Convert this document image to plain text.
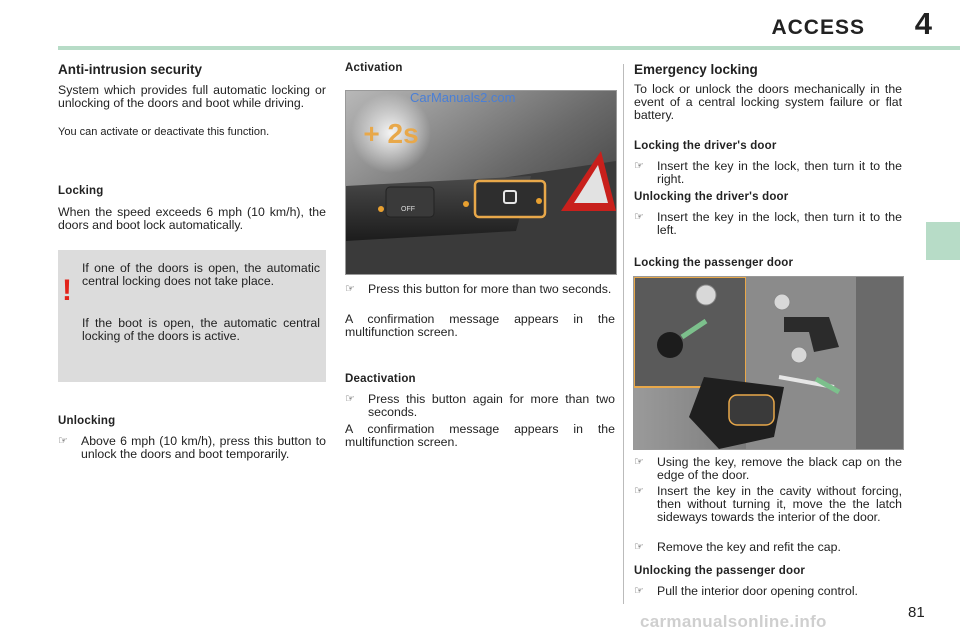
ACCESS 4
Anti-intrusion security

System which provides full automatic locking or unlocking of the doors and boot while driving.

You can activate or deactivate this function.

Locking

When the speed exceeds 6 mph (10 km/h), the doors and boot lock automatically.

!

If one of the doors is open, the automatic central locking does not take place.

If the boot is open, the automatic central locking of the doors is active.

Unlocking
☞	Above 6 mph (10 km/h), press this button to unlock the doors and boot temporarily.
Activation
OFF
+ 2s
CarManuals2.com
☞	Press this button for more than two seconds.

A confirmation message appears in the multifunction screen.

Deactivation
☞	Press this button again for more than two seconds.

A confirmation message appears in the multifunction screen.

Emergency locking

To lock or unlock the doors mechanically in the event of a central locking system failure or flat battery.

Locking the driver's door
☞	Insert the key in the lock, then turn it to the right.
Unlocking the driver's door
☞	Insert the key in the lock, then turn it to the left.
Locking the passenger door
☞	Using the key, remove the black cap on the edge of the door.
☞	Insert the key in the cavity without forcing, then without turning it, move the the latch sideways towards the interior of the door.
☞	Remove the key and refit the cap.
Unlocking the passenger door
☞	Pull the interior door opening control.
81
carmanualsonline.info
